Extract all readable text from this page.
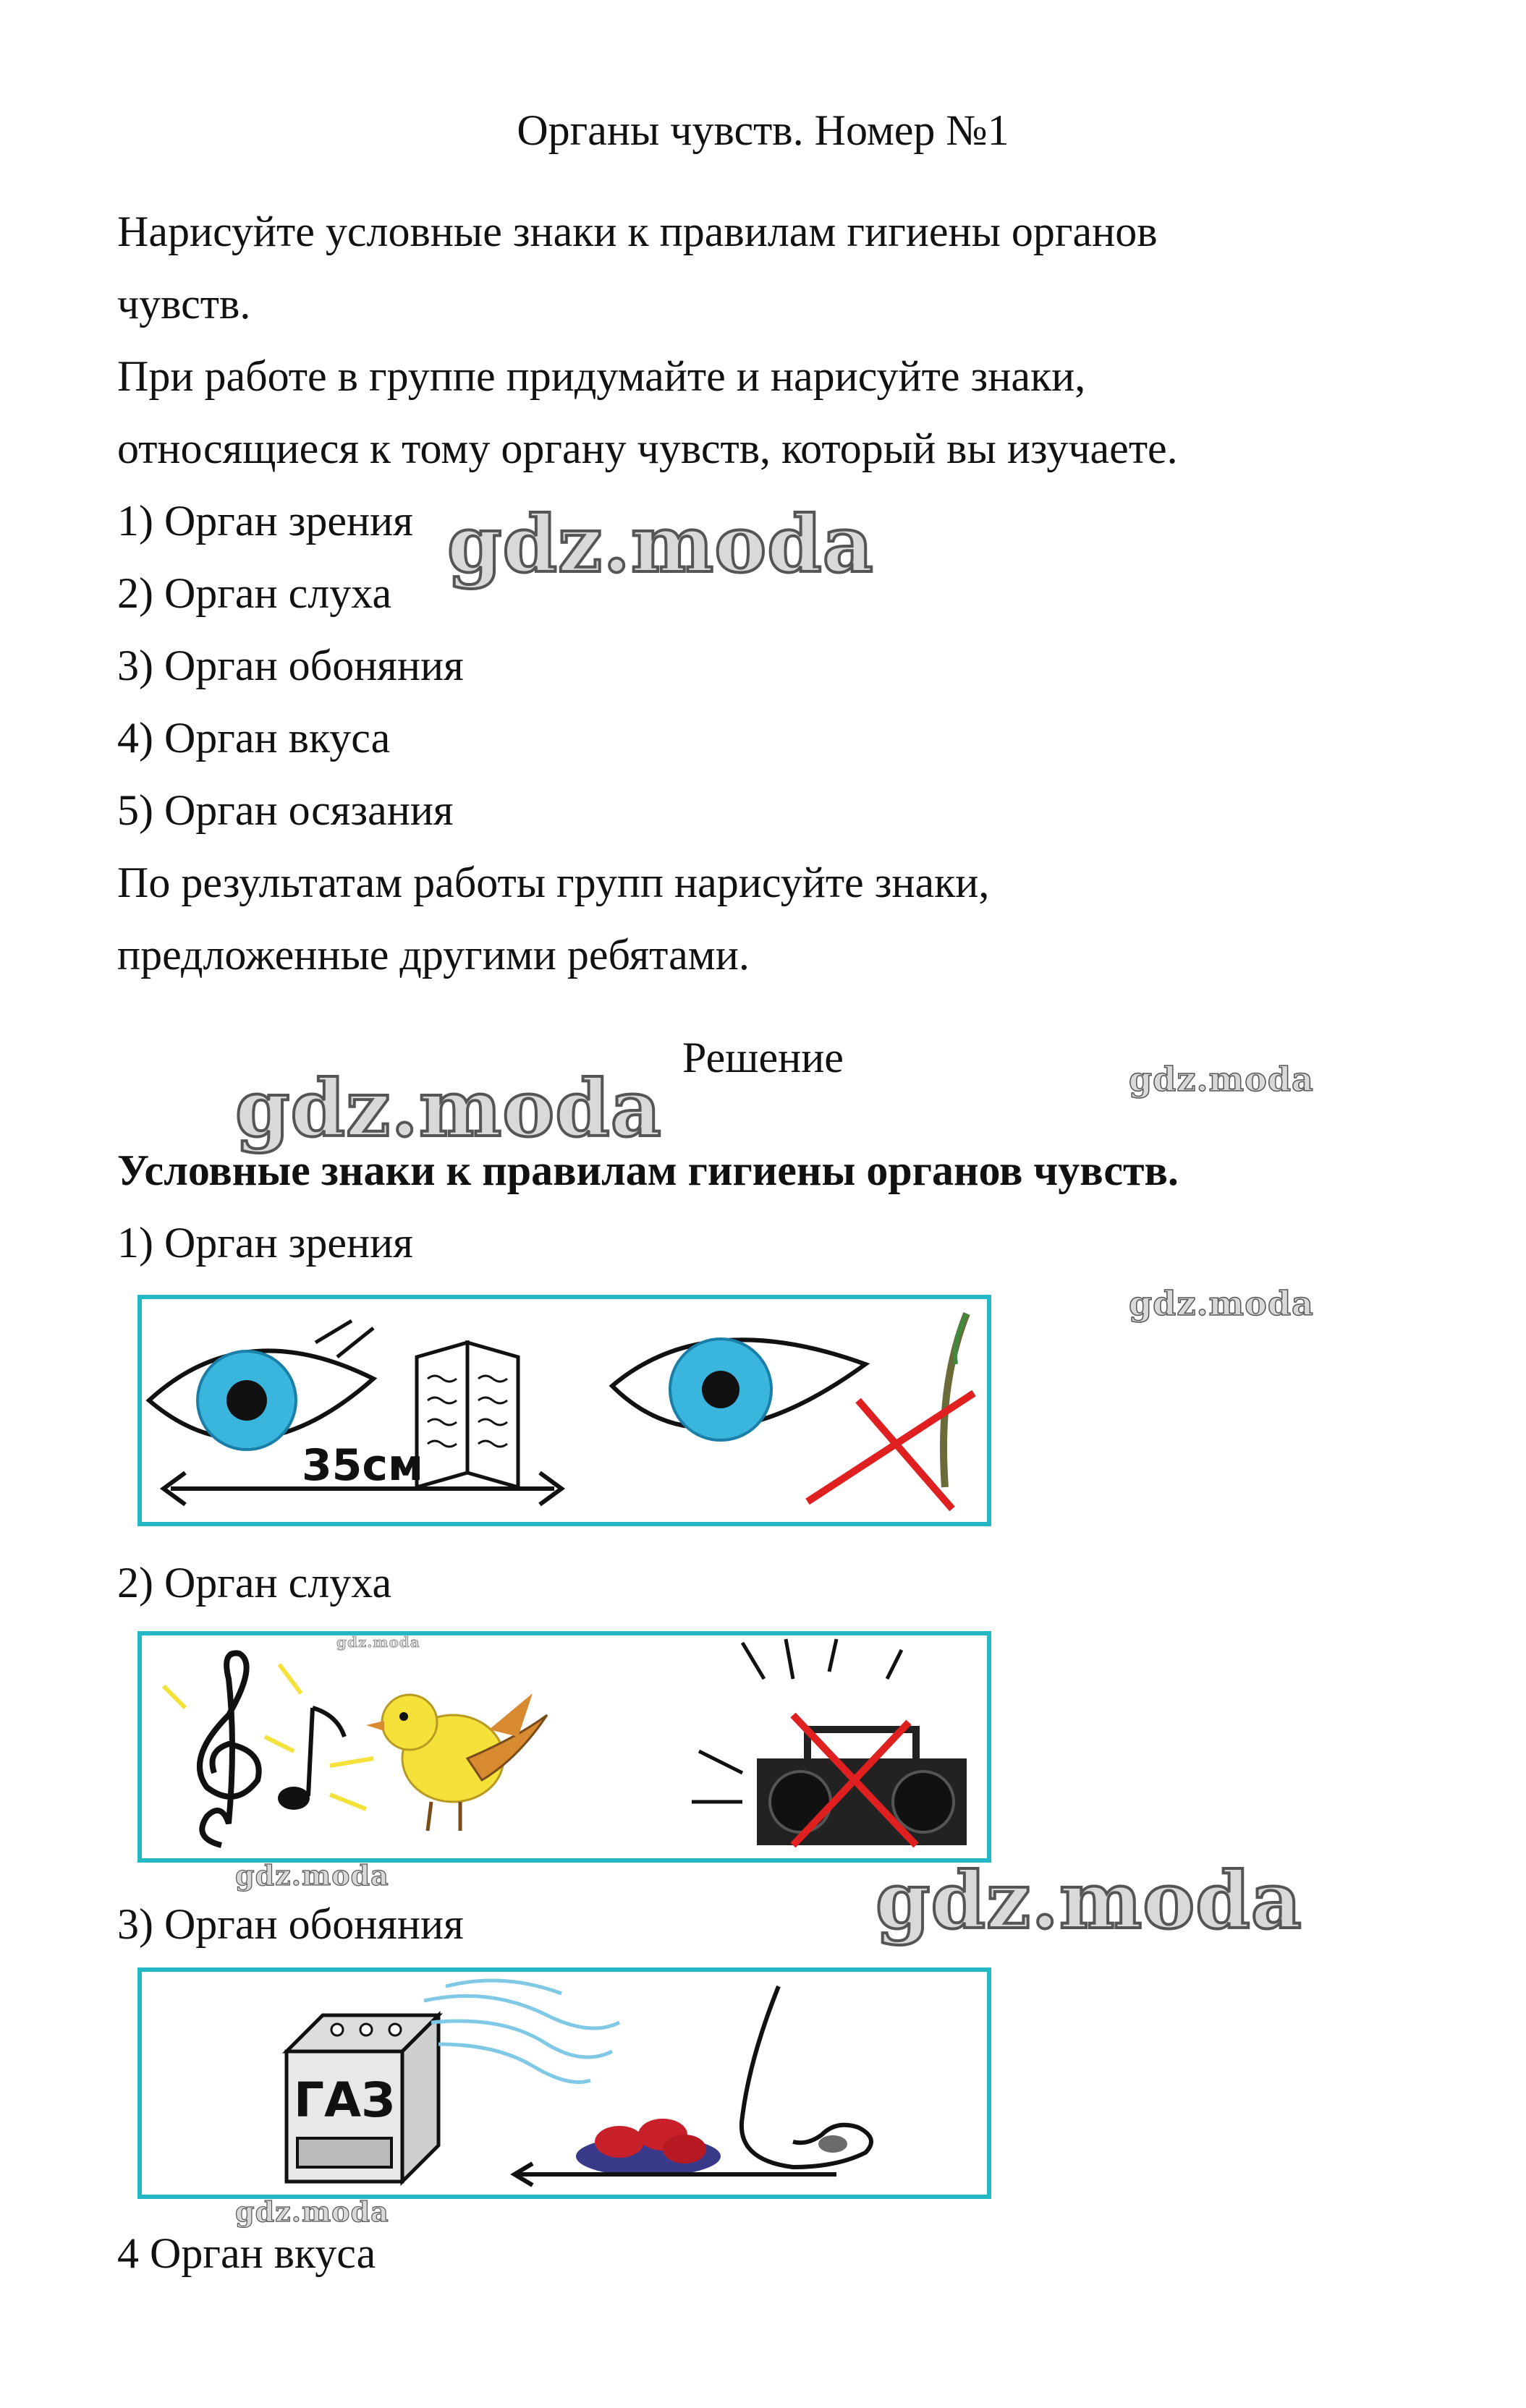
Органы чувств. Номер №1
Нарисуйте условные знаки к правилам гигиены органов
чувств.
При работе в группе придумайте и нарисуйте знаки,
относящиеся к тому органу чувств, который вы изучаете.
1) Орган зрения
2) Орган слуха
3) Орган обоняния
4) Орган вкуса
5) Орган осязания
По результатам работы групп нарисуйте знаки,
предложенные другими ребятами.
Решение
Условные знаки к правилам гигиены органов чувств.
1) Орган зрения
35см
2) Орган слуха
3) Орган обоняния
ГАЗ
4 Орган вкуса
gdz.moda
gdz.moda	gdz.moda
gdz.moda
gdz.moda
gdz.moda	gdz.moda
gdz.moda
